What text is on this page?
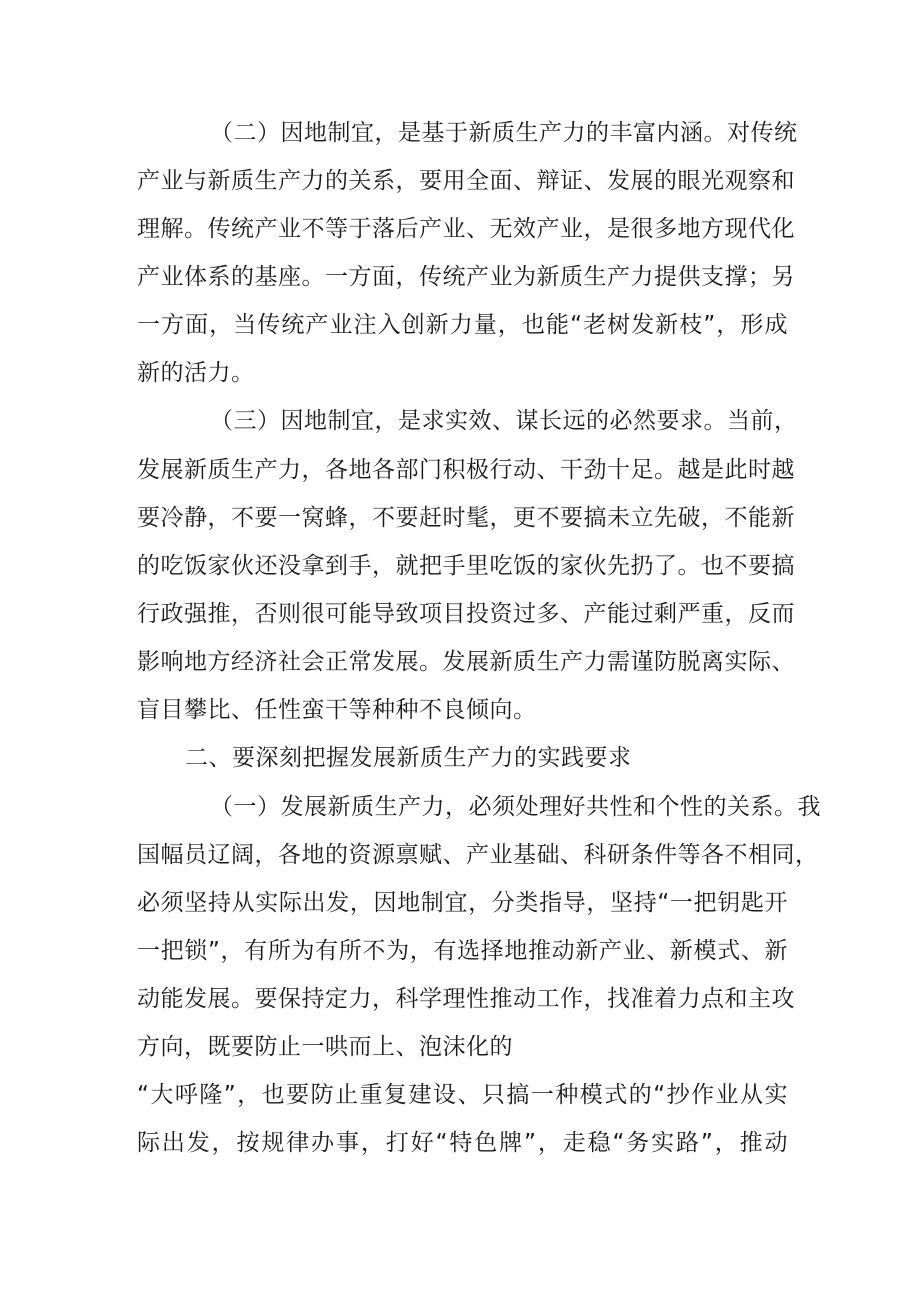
（二）因地制宜，是基于新质生产力的丰富内涵。对传统

产业与新质生产力的关系，要用全面、辩证、发展的眼光观察和

理解。传统产业不等于落后产业、无效产业，是很多地方现代化

产业体系的基座。一方面，传统产业为新质生产力提供支撑；另

一方面，当传统产业注入创新力量，也能“老树发新枝”，形成

新的活力。

（三）因地制宜，是求实效、谋长远的必然要求。当前，

发展新质生产力，各地各部门积极行动、干劲十足。越是此时越

要冷静，不要一窝蜂，不要赶时髦，更不要搞未立先破，不能新

的吃饭家伙还没拿到手，就把手里吃饭的家伙先扔了。也不要搞

行政强推，否则很可能导致项目投资过多、产能过剩严重，反而

影响地方经济社会正常发展。发展新质生产力需谨防脱离实际、

盲目攀比、任性蛮干等种种不良倾向。

二、要深刻把握发展新质生产力的实践要求

（一）发展新质生产力，必须处理好共性和个性的关系。我

国幅员辽阔，各地的资源禀赋、产业基础、科研条件等各不相同，

必须坚持从实际出发，因地制宜，分类指导，坚持“一把钥匙开

一把锁”，有所为有所不为，有选择地推动新产业、新模式、新

动能发展。要保持定力，科学理性推动工作，找准着力点和主攻

方向，既要防止一哄而上、泡沫化的

“大呼隆”，也要防止重复建设、只搞一种模式的“抄作业从实

际出发，按规律办事，打好“特色牌”，走稳“务实路”，推动
